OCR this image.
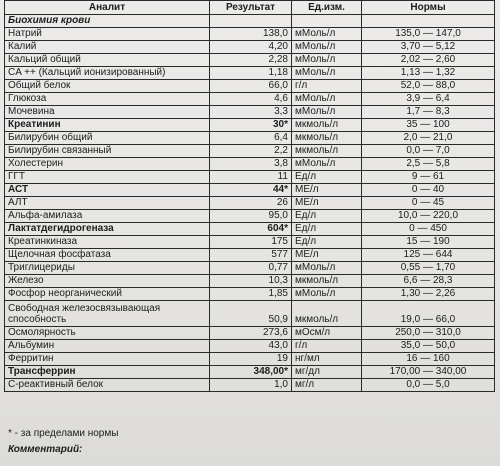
Аналит	Результат	Ед.изм.	Нормы
Биохимия крови			
Натрий	138,0	мМоль/л	135,0 — 147,0
Калий	4,20	мМоль/л	3,70 — 5,12
Кальций общий	2,28	мМоль/л	2,02 — 2,60
CA ++ (Кальций ионизированный)	1,18	мМоль/л	1,13 — 1,32
Общий белок	66,0	г/л	52,0 — 88,0
Глюкоза	4,6	мМоль/л	3,9 — 6,4
Мочевина	3,3	мМоль/л	1,7 — 8,3
Креатинин	30*	мкмоль/л	35 — 100
Билирубин общий	6,4	мкмоль/л	2,0 — 21,0
Билирубин связанный	2,2	мкмоль/л	0,0 — 7,0
Холестерин	3,8	мМоль/л	2,5 — 5,8
ГГТ	11	Ед/л	9 — 61
АСТ	44*	МЕ/л	0 — 40
АЛТ	26	МЕ/л	0 — 45
Альфа-амилаза	95,0	Ед/л	10,0 — 220,0
Лактатдегидрогеназа	604*	Ед/л	0 — 450
Креатинкиназа	175	Ед/л	15 — 190
Щелочная фосфатаза	577	МЕ/л	125 — 644
Триглицериды	0,77	мМоль/л	0,55 — 1,70
Железо	10,3	мкмоль/л	6,6 — 28,3
Фосфор неорганический	1,85	мМоль/л	1,30 — 2,26
Свободная железосвязывающая способность	50,9	мкмоль/л	19,0 — 66,0
Осмолярность	273,6	мОсм/л	250,0 — 310,0
Альбумин	43,0	г/л	35,0 — 50,0
Ферритин	19	нг/мл	16 — 160
Трансферрин	348,00*	мг/дл	170,00 — 340,00
С-реактивный белок	1,0	мг/л	0,0 — 5,0
* - за пределами нормы
Комментарий:
